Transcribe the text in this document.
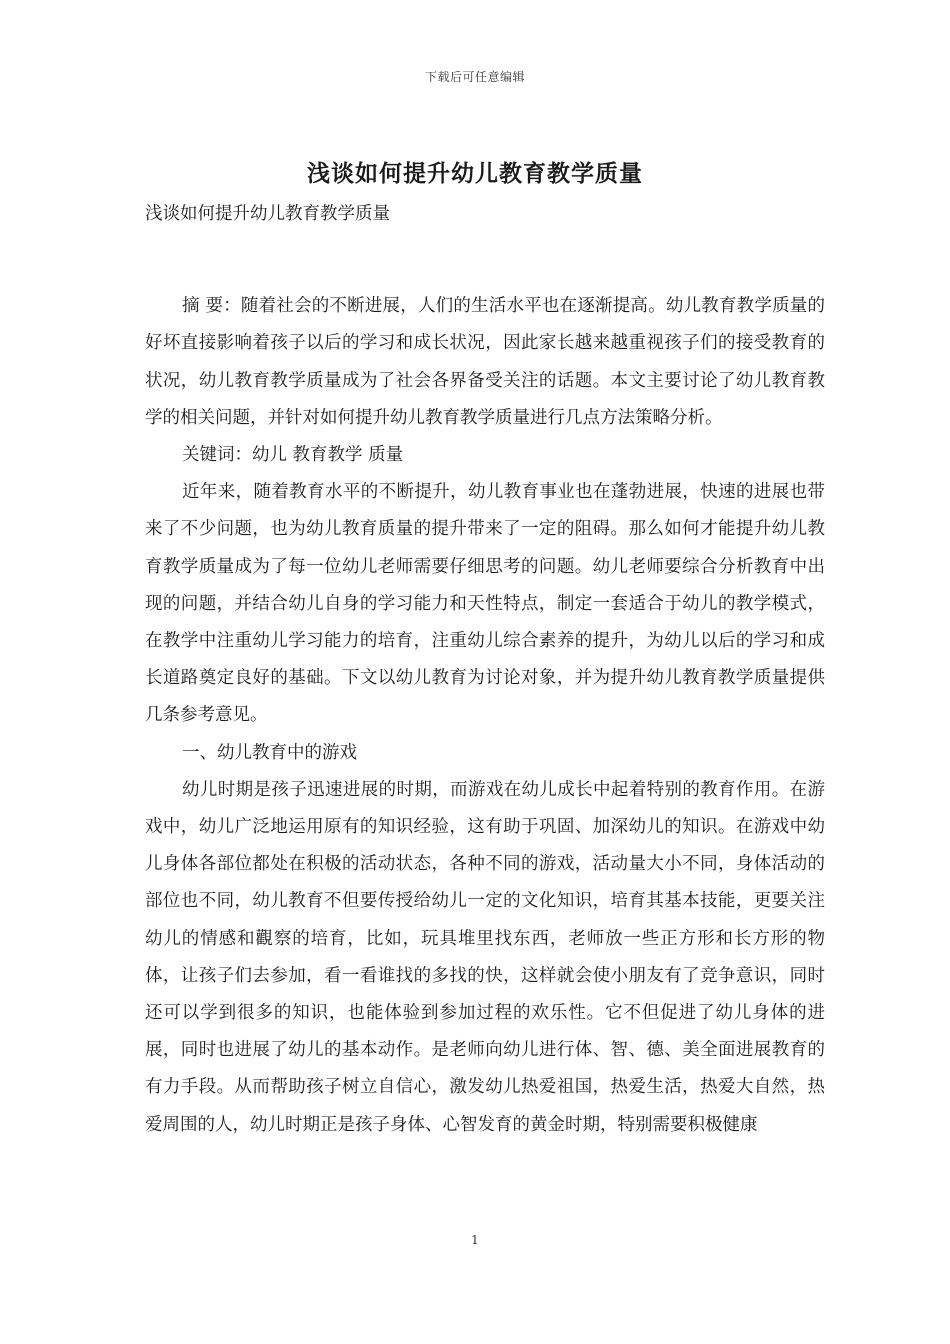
下载后可任意编辑
浅谈如何提升幼儿教育教学质量

浅谈如何提升幼儿教育教学质量

摘 要：随着社会的不断进展，人们的生活水平也在逐渐提高。幼儿教育教学质量的好坏直接影响着孩子以后的学习和成长状况，因此家长越来越重视孩子们的接受教育的状况，幼儿教育教学质量成为了社会各界备受关注的话题。本文主要讨论了幼儿教育教学的相关问题，并针对如何提升幼儿教育教学质量进行几点方法策略分析。

关键词：幼儿 教育教学 质量

近年来，随着教育水平的不断提升，幼儿教育事业也在蓬勃进展，快速的进展也带来了不少问题，也为幼儿教育质量的提升带来了一定的阻碍。那么如何才能提升幼儿教育教学质量成为了每一位幼儿老师需要仔细思考的问题。幼儿老师要综合分析教育中出现的问题，并结合幼儿自身的学习能力和天性特点，制定一套适合于幼儿的教学模式，在教学中注重幼儿学习能力的培育，注重幼儿综合素养的提升，为幼儿以后的学习和成长道路奠定良好的基础。下文以幼儿教育为讨论对象，并为提升幼儿教育教学质量提供几条参考意见。

一、幼儿教育中的游戏

幼儿时期是孩子迅速进展的时期，而游戏在幼儿成长中起着特别的教育作用。在游戏中，幼儿广泛地运用原有的知识经验，这有助于巩固、加深幼儿的知识。在游戏中幼儿身体各部位都处在积极的活动状态，各种不同的游戏，活动量大小不同，身体活动的部位也不同，幼儿教育不但要传授给幼儿一定的文化知识，培育其基本技能，更要关注幼儿的情感和觀察的培育，比如，玩具堆里找东西，老师放一些正方形和长方形的物体，让孩子们去参加，看一看谁找的多找的快，这样就会使小朋友有了竞争意识，同时还可以学到很多的知识，也能体验到参加过程的欢乐性。它不但促进了幼儿身体的进展，同时也进展了幼儿的基本动作。是老师向幼儿进行体、智、德、美全面进展教育的有力手段。从而帮助孩子树立自信心，激发幼儿热爱祖国，热爱生活，热爱大自然，热爱周围的人，幼儿时期正是孩子身体、心智发育的黄金时期，特别需要积极健康

1
